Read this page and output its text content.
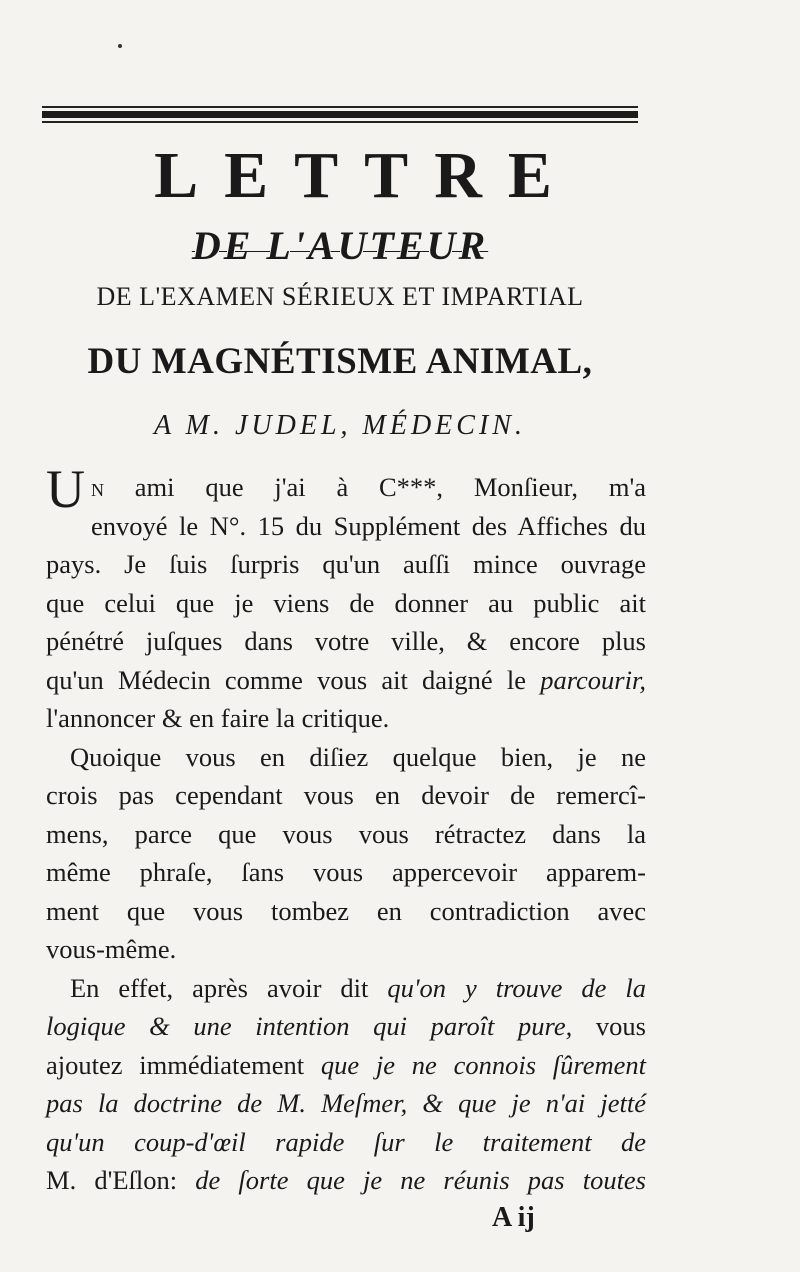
LETTRE
DE L'AUTEUR
DE L'EXAMEN SÉRIEUX ET IMPARTIAL
DU MAGNÉTISME ANIMAL,
A M. JUDEL, MÉDECIN.
U N ami que j'ai à C***, Monſieur, m'a
envoyé le N°. 15 du Supplément des Affiches du
pays. Je ſuis ſurpris qu'un auſſi mince ouvrage
que celui que je viens de donner au public ait
pénétré juſques dans votre ville, & encore plus
qu'un Médecin comme vous ait daigné le parcourir,
l'annoncer & en faire la critique.
Quoique vous en diſiez quelque bien, je ne
crois pas cependant vous en devoir de remercî-
mens, parce que vous vous rétractez dans la
même phraſe, ſans vous appercevoir apparem-
ment que vous tombez en contradiction avec
vous-même.
En effet, après avoir dit qu'on y trouve de la
logique & une intention qui paroît pure, vous
ajoutez immédiatement que je ne connois ſûrement
pas la doctrine de M. Meſmer, & que je n'ai jetté
qu'un coup-d'œil rapide ſur le traitement de
M. d'Eſlon: de ſorte que je ne réunis pas toutes
A ij
